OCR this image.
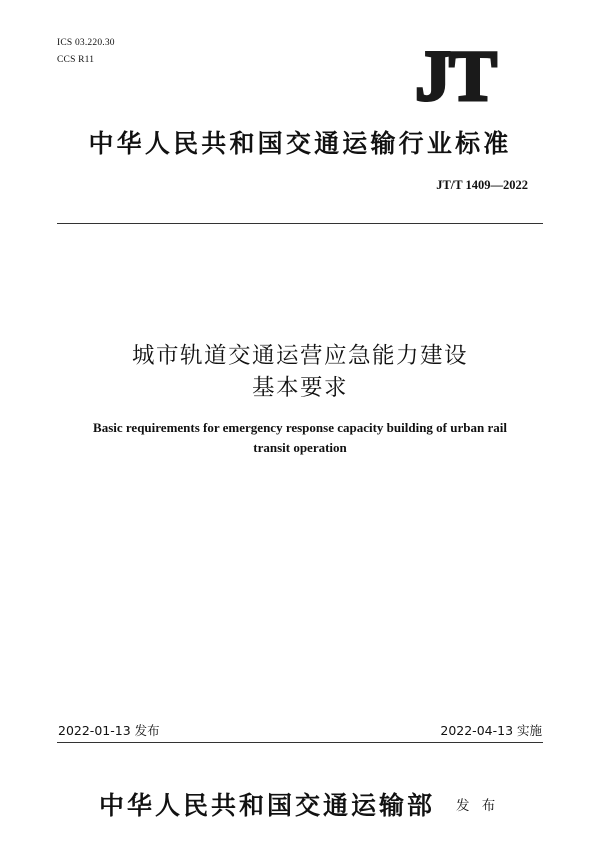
ICS 03.220.30
CCS R11	JT
中华人民共和国交通运输行业标准
JT/T 1409—2022
城市轨道交通运营应急能力建设
基本要求
Basic requirements for emergency response capacity building of urban rail
transit operation
2022-01-13 发布	2022-04-13 实施
中华人民共和国交通运输部 发 布
